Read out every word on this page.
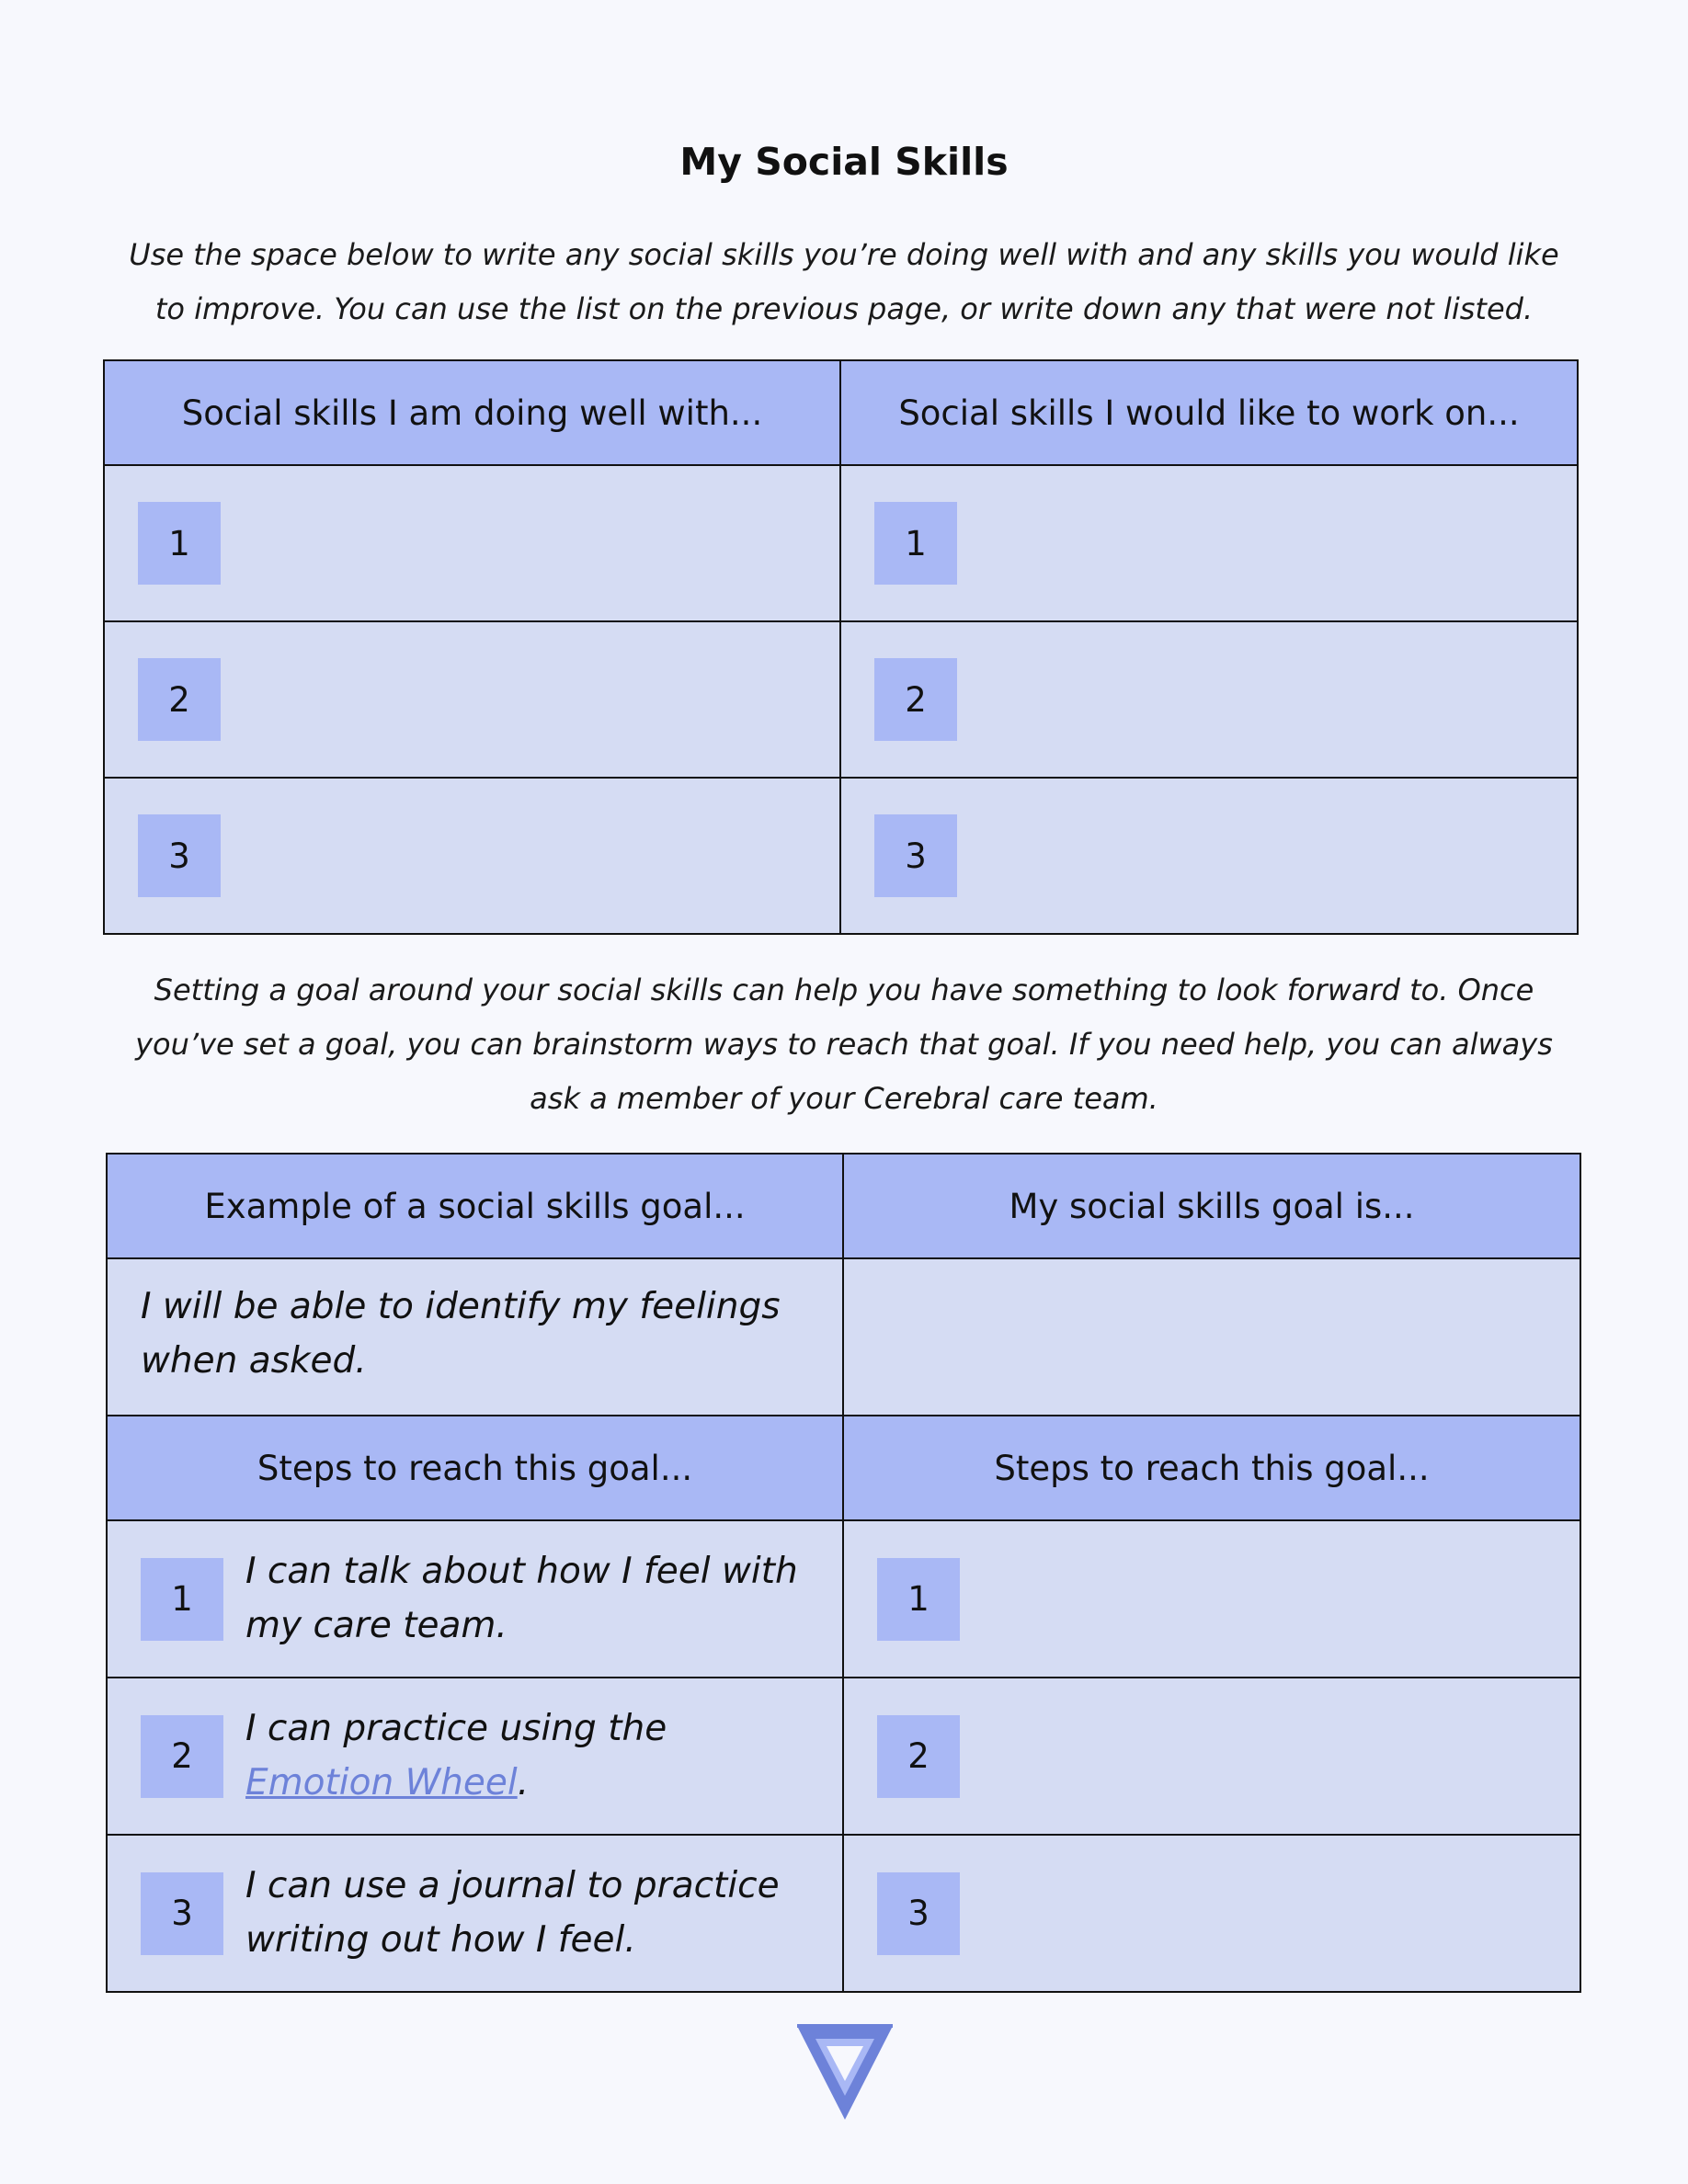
My Social Skills
Use the space below to write any social skills you’re doing well with and any skills you would like
to improve. You can use the list on the previous page, or write down any that were not listed.
Social skills I am doing well with...	Social skills I would like to work on...

1	1

2	2

3	3
Setting a goal around your social skills can help you have something to look forward to. Once
you’ve set a goal, you can brainstorm ways to reach that goal. If you need help, you can always
ask a member of your Cerebral care team.
Example of a social skills goal...	My social skills goal is...

I will be able to identify my feelings
when asked.	

Steps to reach this goal...	Steps to reach this goal...

1
I can talk about how I feel with
my care team.	1

2
I can practice using the
Emotion Wheel.	2

3
I can use a journal to practice
writing out how I feel.	3
